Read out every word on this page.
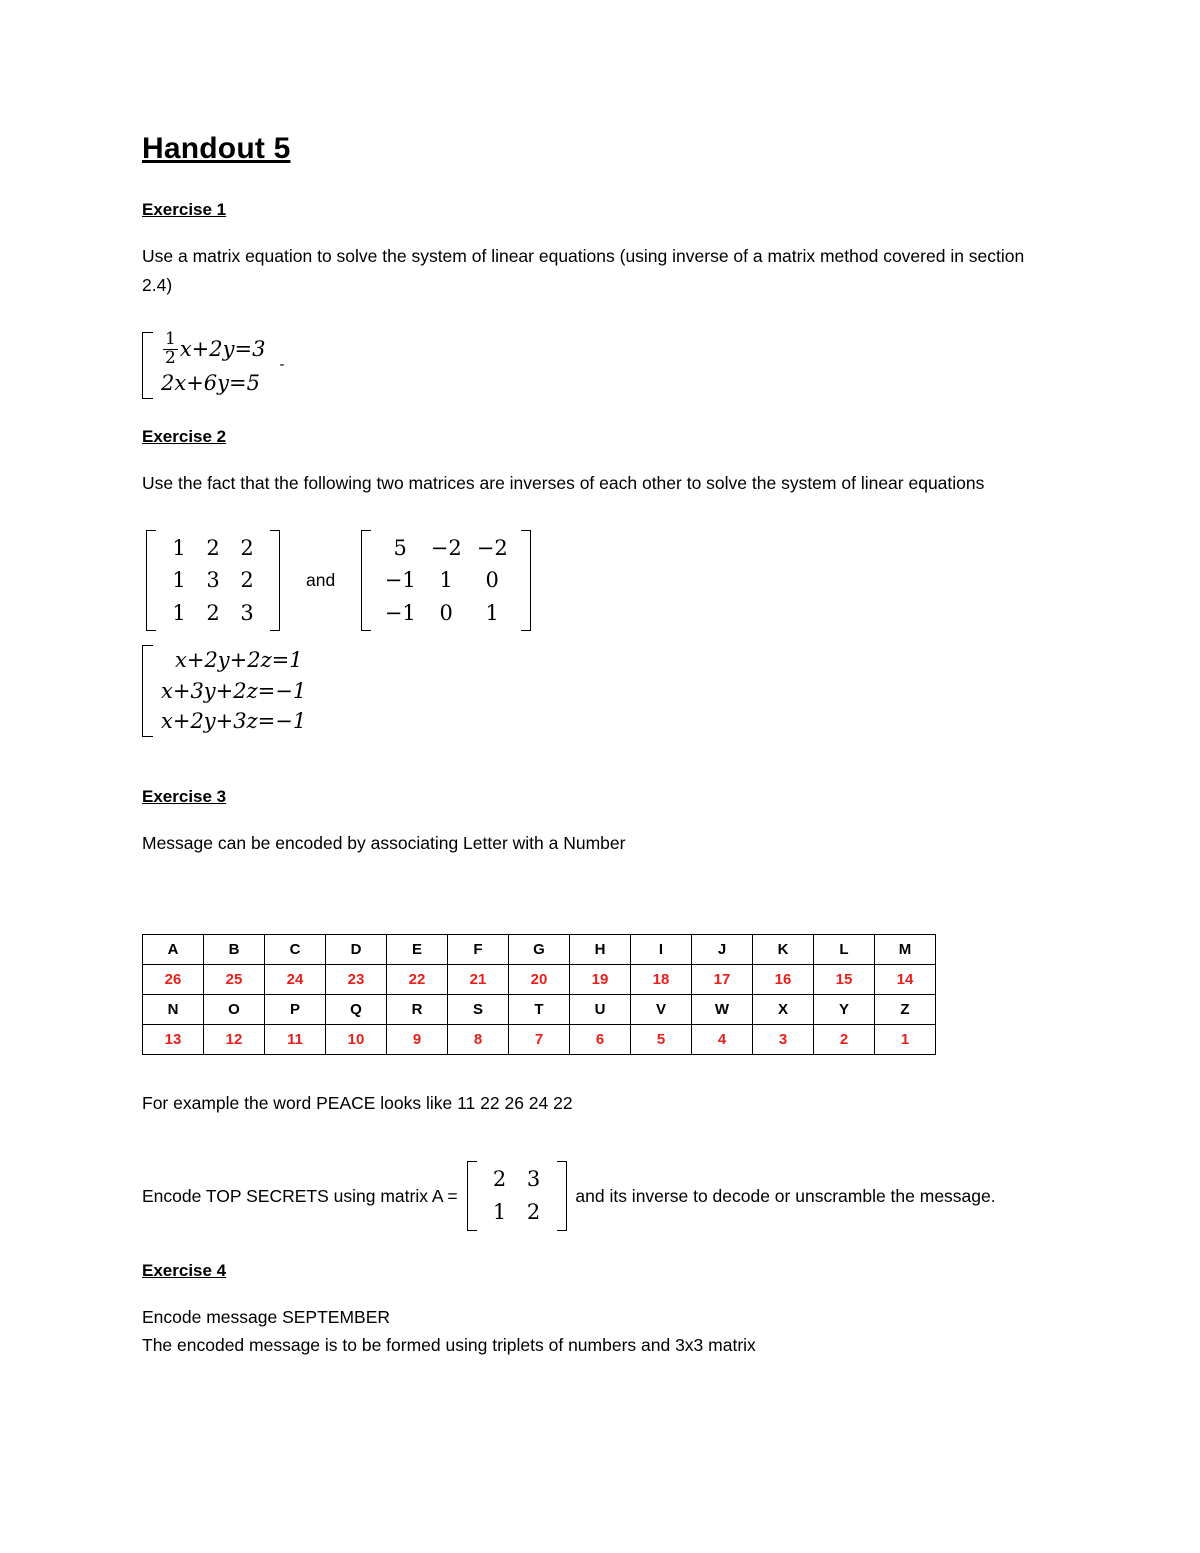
Handout 5
Exercise 1

Use a matrix equation to solve the system of linear equations (using inverse of a matrix method covered in section 2.4)

$\frac{1}{2} x+2y=3$
2x+6y=5
-
Exercise 2

Use the fact that the following two matrices are inverses of each other to solve the system of linear equations

1 2 2
1 3 2
1 2 3
and
5	−2 −2
−1	1	0
−1	0	1
x+2y+2z=1
x+3y+2z=−1
x+2y+3z=−1
Exercise 3

Message can be encoded by associating Letter with a Number

A	B	C	D	E	F	G	H	I	J	K	L	M
26	25	24	23	22	21	20	19	18	17	16	15	14
N	O	P	Q	R	S	T	U	V	W	X	Y	Z
13	12	11	10	9	8	7	6	5	4	3	2	1

For example the word PEACE looks like 11 22 26 24 22

Encode TOP SECRETS using matrix A =
2 3
1 2
and its inverse to decode or unscramble the message.
Exercise 4

Encode message SEPTEMBER

The encoded message is to be formed using triplets of numbers and 3x3 matrix
